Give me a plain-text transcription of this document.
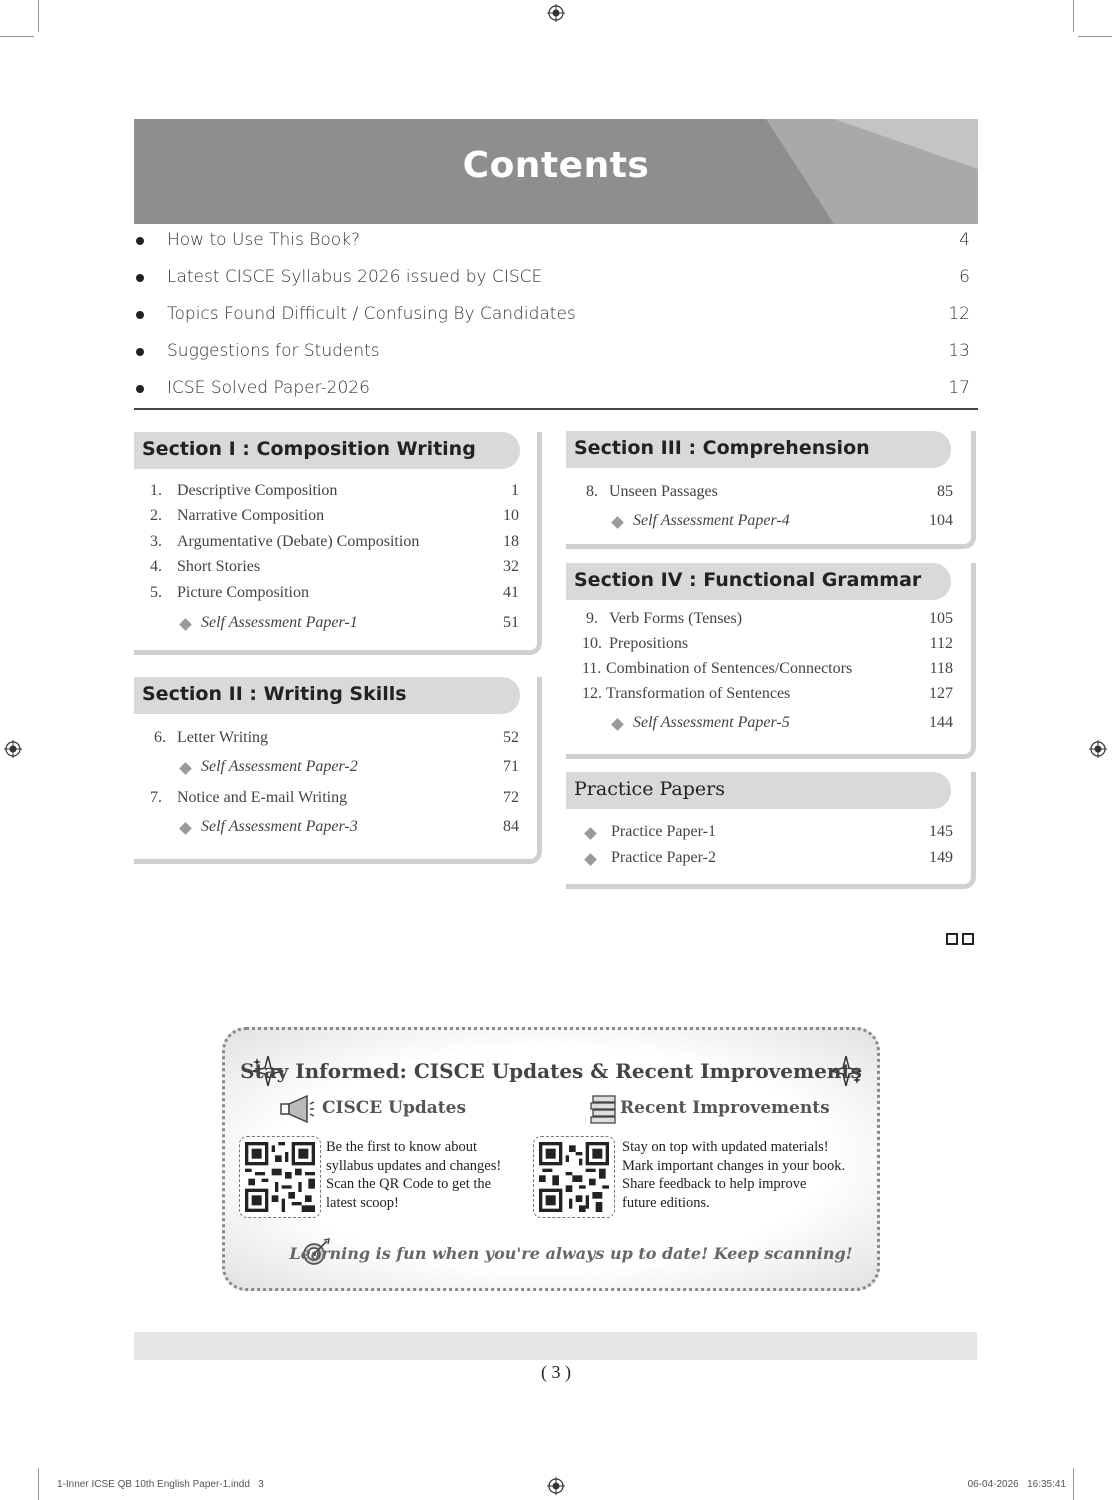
Contents
How to Use This Book?	4
Latest CISCE Syllabus 2026 issued by CISCE	6
Topics Found Difficult / Confusing By Candidates	12
Suggestions for Students	13
ICSE Solved Paper-2026	17
Section I : Composition Writing
1. Descriptive Composition	1
2. Narrative Composition	10
3. Argumentative (Debate) Composition	18
4. Short Stories	32
5. Picture Composition	41
Self Assessment Paper-1	51
Section II : Writing Skills
6. Letter Writing	52
Self Assessment Paper-2	71
7. Notice and E-mail Writing	72
Self Assessment Paper-3	84
Section III : Comprehension
8. Unseen Passages	85
Self Assessment Paper-4	104
Section IV : Functional Grammar
9. Verb Forms (Tenses)	105
10. Prepositions	112
11. Combination of Sentences/Connectors	118
12. Transformation of Sentences	127
Self Assessment Paper-5	144
Practice Papers
Practice Paper-1	145
Practice Paper-2	149
Stay Informed: CISCE Updates & Recent Improvements
CISCE Updates	Recent Improvements
Be the first to know about
syllabus updates and changes!
Scan the QR Code to get the
latest scoop!
Stay on top with updated materials!
Mark important changes in your book.
Share feedback to help improve
future editions.
Learning is fun when you're always up to date! Keep scanning!
( 3 )
1-Inner ICSE QB 10th English Paper-1.indd   3	06-04-2026   16:35:41
